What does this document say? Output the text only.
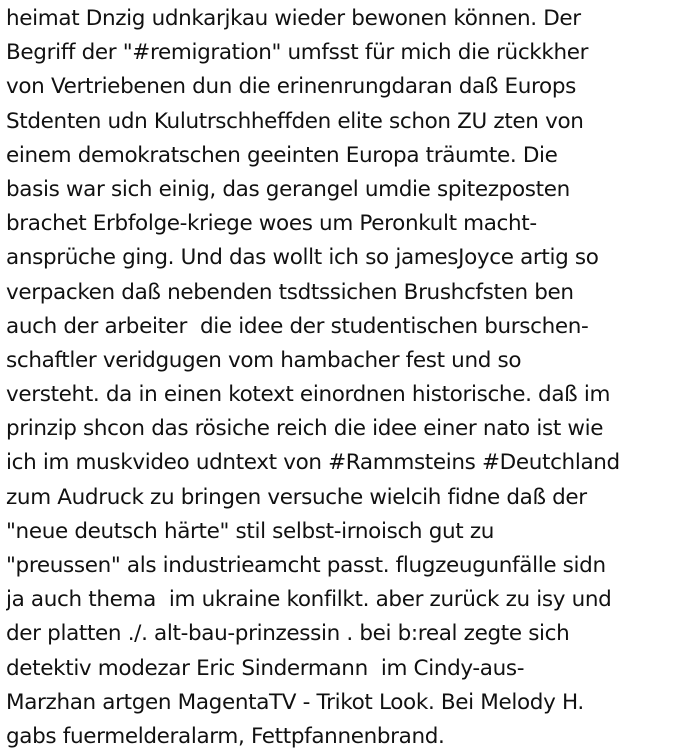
heimat Dnzig udnkarjkau wieder bewonen können. Der
Begriff der "#remigration" umfsst für mich die rückkher
von Vertriebenen dun die erinenrungdaran daß Europs
Stdenten udn Kulutrschheffden elite schon ZU zten von
einem demokratschen geeinten Europa träumte. Die
basis war sich einig, das gerangel umdie spitezposten
brachet Erbfolge-kriege woes um Peronkult macht-
ansprüche ging. Und das wollt ich so jamesJoyce artig so
verpacken daß nebenden tsdtssichen Brushcfsten ben
auch der arbeiter  die idee der studentischen burschen-
schaftler veridgugen vom hambacher fest und so
versteht. da in einen kotext einordnen historische. daß im
prinzip shcon das rösiche reich die idee einer nato ist wie
ich im muskvideo udntext von #Rammsteins #Deutchland
zum Audruck zu bringen versuche wielcih fidne daß der
"neue deutsch härte" stil selbst-irnoisch gut zu
"preussen" als industrieamcht passt. flugzeugunfälle sidn
ja auch thema  im ukraine konfilkt. aber zurück zu isy und
der platten ./. alt-bau-prinzessin . bei b:real zegte sich
detektiv modezar Eric Sindermann  im Cindy-aus-
Marzhan artgen MagentaTV - Trikot Look. Bei Melody H.
gabs fuermelderalarm, Fettpfannenbrand.
